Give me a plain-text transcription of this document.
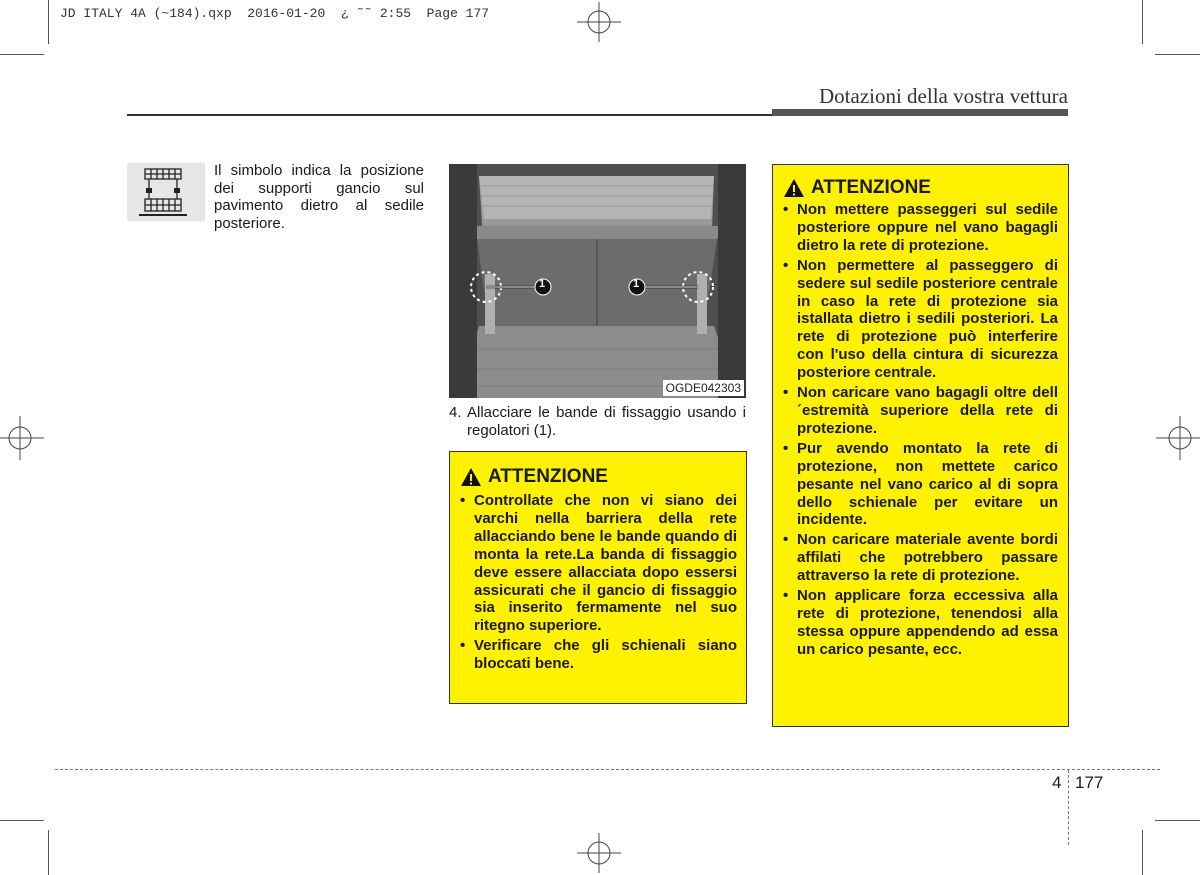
JD ITALY 4A (~184).qxp  2016-01-20  ¿ ˜˜ 2:55  Page 177
Dotazioni della vostra vettura
Il simbolo indica la posizione dei supporti gancio sul pavimento dietro al sedile posteriore.
1	1
OGDE042303
4. Allacciare le bande di fissaggio usando i regolatori (1).
ATTENZIONE
• Controllate che non vi siano dei varchi nella barriera della rete allacciando bene le bande quando di monta la rete.La banda di fissaggio deve essere allacciata dopo essersi assicurati che il gancio di fissaggio sia inserito fermamente nel suo ritegno superiore.
• Verificare che gli schienali siano bloccati bene.
ATTENZIONE
• Non mettere passeggeri sul sedile posteriore oppure nel vano bagagli dietro la rete di protezione.
• Non permettere al passeggero di sedere sul sedile posteriore centrale in caso la rete di protezione sia istallata dietro i sedili posteriori. La rete di protezione può interferire con l'uso della cintura di sicurezza posteriore centrale.
• Non caricare vano bagagli oltre dell´estremità superiore della rete di protezione.
• Pur avendo montato la rete di protezione, non mettete carico pesante nel vano carico al di sopra dello schienale per evitare un incidente.
• Non caricare materiale avente bordi affilati che potrebbero passare attraverso la rete di protezione.
• Non applicare forza eccessiva alla rete di protezione, tenendosi alla stessa oppure appendendo ad essa un carico pesante, ecc.
4 177
